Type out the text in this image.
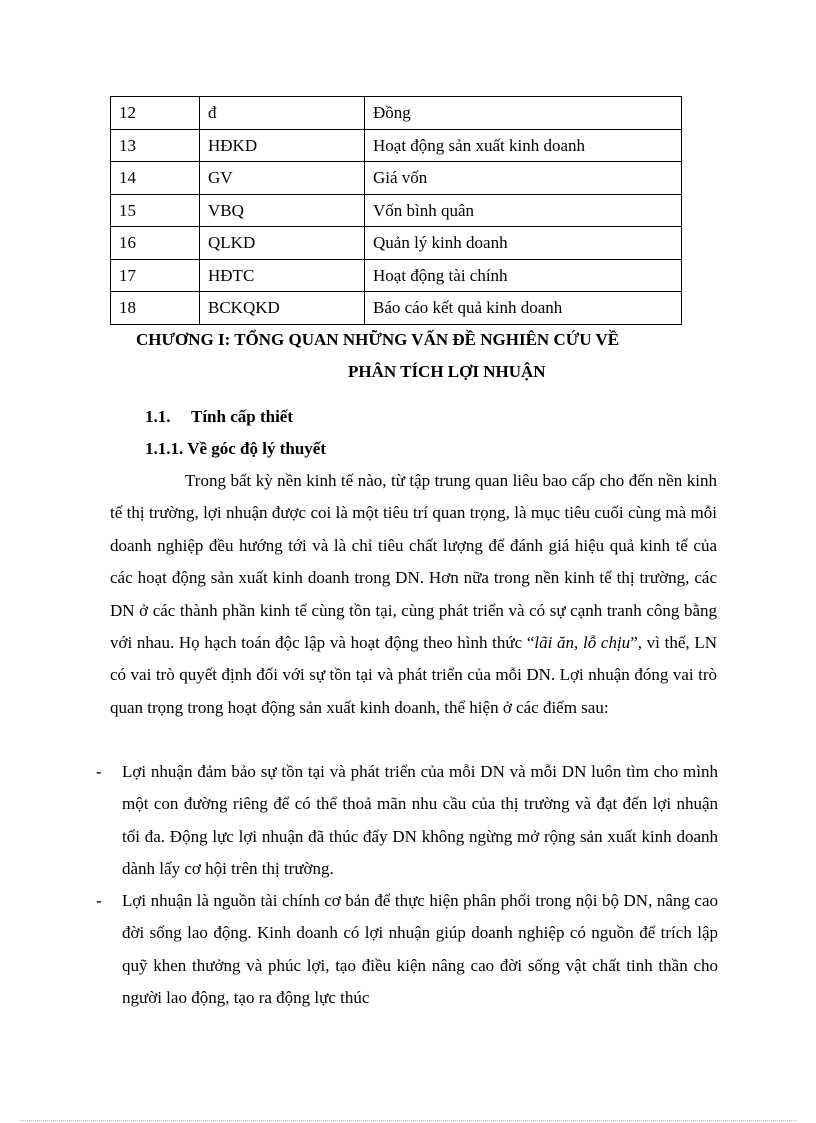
12	đ	Đồng
13	HĐKD	Hoạt động sản xuất kinh doanh
14	GV	Giá vốn
15	VBQ	Vốn bình quân
16	QLKD	Quản lý kinh doanh
17	HĐTC	Hoạt động tài chính
18	BCKQKD	Báo cáo kết quả kinh doanh

CHƯƠNG I: TỔNG QUAN NHỮNG VẤN ĐỀ NGHIÊN CỨU VỀ

PHÂN TÍCH LỢI NHUẬN

1.1. Tính cấp thiết

1.1.1. Về góc độ lý thuyết

Trong bất kỳ nền kinh tế nào, từ tập trung quan liêu bao cấp cho đến nền kinh tế thị trường, lợi nhuận được coi là một tiêu trí quan trọng, là mục tiêu cuối cùng mà mỗi doanh nghiệp đều hướng tới và là chỉ tiêu chất lượng để đánh giá hiệu quả kinh tế của các hoạt động sản xuất kinh doanh trong DN. Hơn nữa trong nền kinh tế thị trường, các DN ở các thành phần kinh tế cùng tồn tại, cùng phát triển và có sự cạnh tranh công bằng với nhau. Họ hạch toán độc lập và hoạt động theo hình thức “lãi ăn, lỗ chịu”, vì thế, LN có vai trò quyết định đối với sự tồn tại và phát triển của mỗi DN. Lợi nhuận đóng vai trò quan trọng trong hoạt động sản xuất kinh doanh, thể hiện ở các điểm sau:

- Lợi nhuận đảm bảo sự tồn tại và phát triển của mỗi DN và mỗi DN luôn tìm cho mình một con đường riêng để có thể thoả mãn nhu cầu của thị trường và đạt đến lợi nhuận tối đa. Động lực lợi nhuận đã thúc đẩy DN không ngừng mở rộng sản xuất kinh doanh dành lấy cơ hội trên thị trường.
- Lợi nhuận là nguồn tài chính cơ bản để thực hiện phân phối trong nội bộ DN, nâng cao đời sống lao động. Kinh doanh có lợi nhuận giúp doanh nghiệp có nguồn để trích lập quỹ khen thưởng và phúc lợi, tạo điều kiện nâng cao đời sống vật chất tinh thần cho người lao động, tạo ra động lực thúc
